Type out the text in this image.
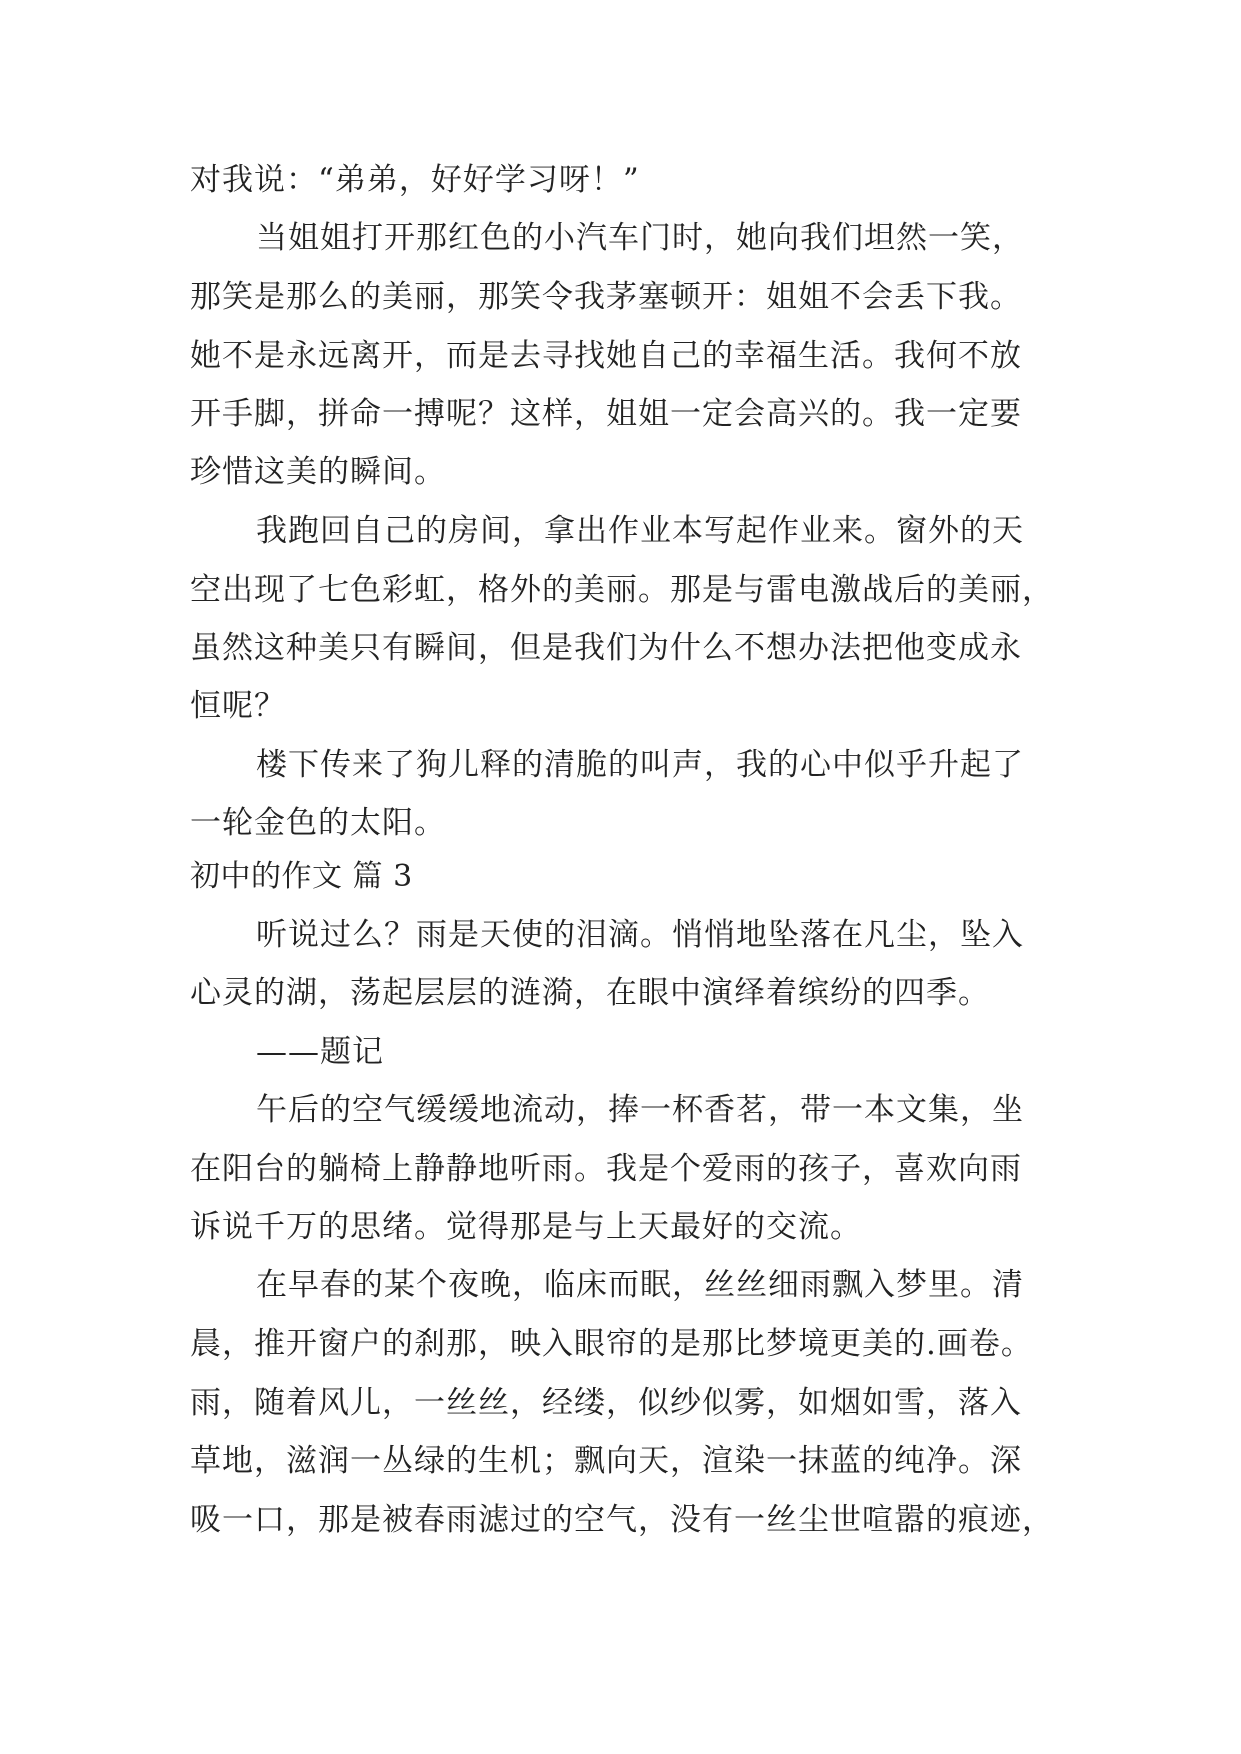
对我说：“弟弟，好好学习呀！”
当姐姐打开那红色的小汽车门时，她向我们坦然一笑，
那笑是那么的美丽，那笑令我茅塞顿开：姐姐不会丢下我。
她不是永远离开，而是去寻找她自己的幸福生活。我何不放
开手脚，拼命一搏呢？这样，姐姐一定会高兴的。我一定要
珍惜这美的瞬间。
我跑回自己的房间，拿出作业本写起作业来。窗外的天
空出现了七色彩虹，格外的美丽。那是与雷电激战后的美丽，
虽然这种美只有瞬间，但是我们为什么不想办法把他变成永
恒呢？
楼下传来了狗儿释的清脆的叫声，我的心中似乎升起了
一轮金色的太阳。
初中的作文 篇 3
听说过么？雨是天使的泪滴。悄悄地坠落在凡尘，坠入
心灵的湖，荡起层层的涟漪，在眼中演绎着缤纷的四季。
——题记
午后的空气缓缓地流动，捧一杯香茗，带一本文集，坐
在阳台的躺椅上静静地听雨。我是个爱雨的孩子，喜欢向雨
诉说千万的思绪。觉得那是与上天最好的交流。
在早春的某个夜晚，临床而眠，丝丝细雨飘入梦里。清
晨，推开窗户的刹那，映入眼帘的是那比梦境更美的.画卷。
雨，随着风儿，一丝丝，经缕，似纱似雾，如烟如雪，落入
草地，滋润一丛绿的生机；飘向天，渲染一抹蓝的纯净。深
吸一口，那是被春雨滤过的空气，没有一丝尘世喧嚣的痕迹，
